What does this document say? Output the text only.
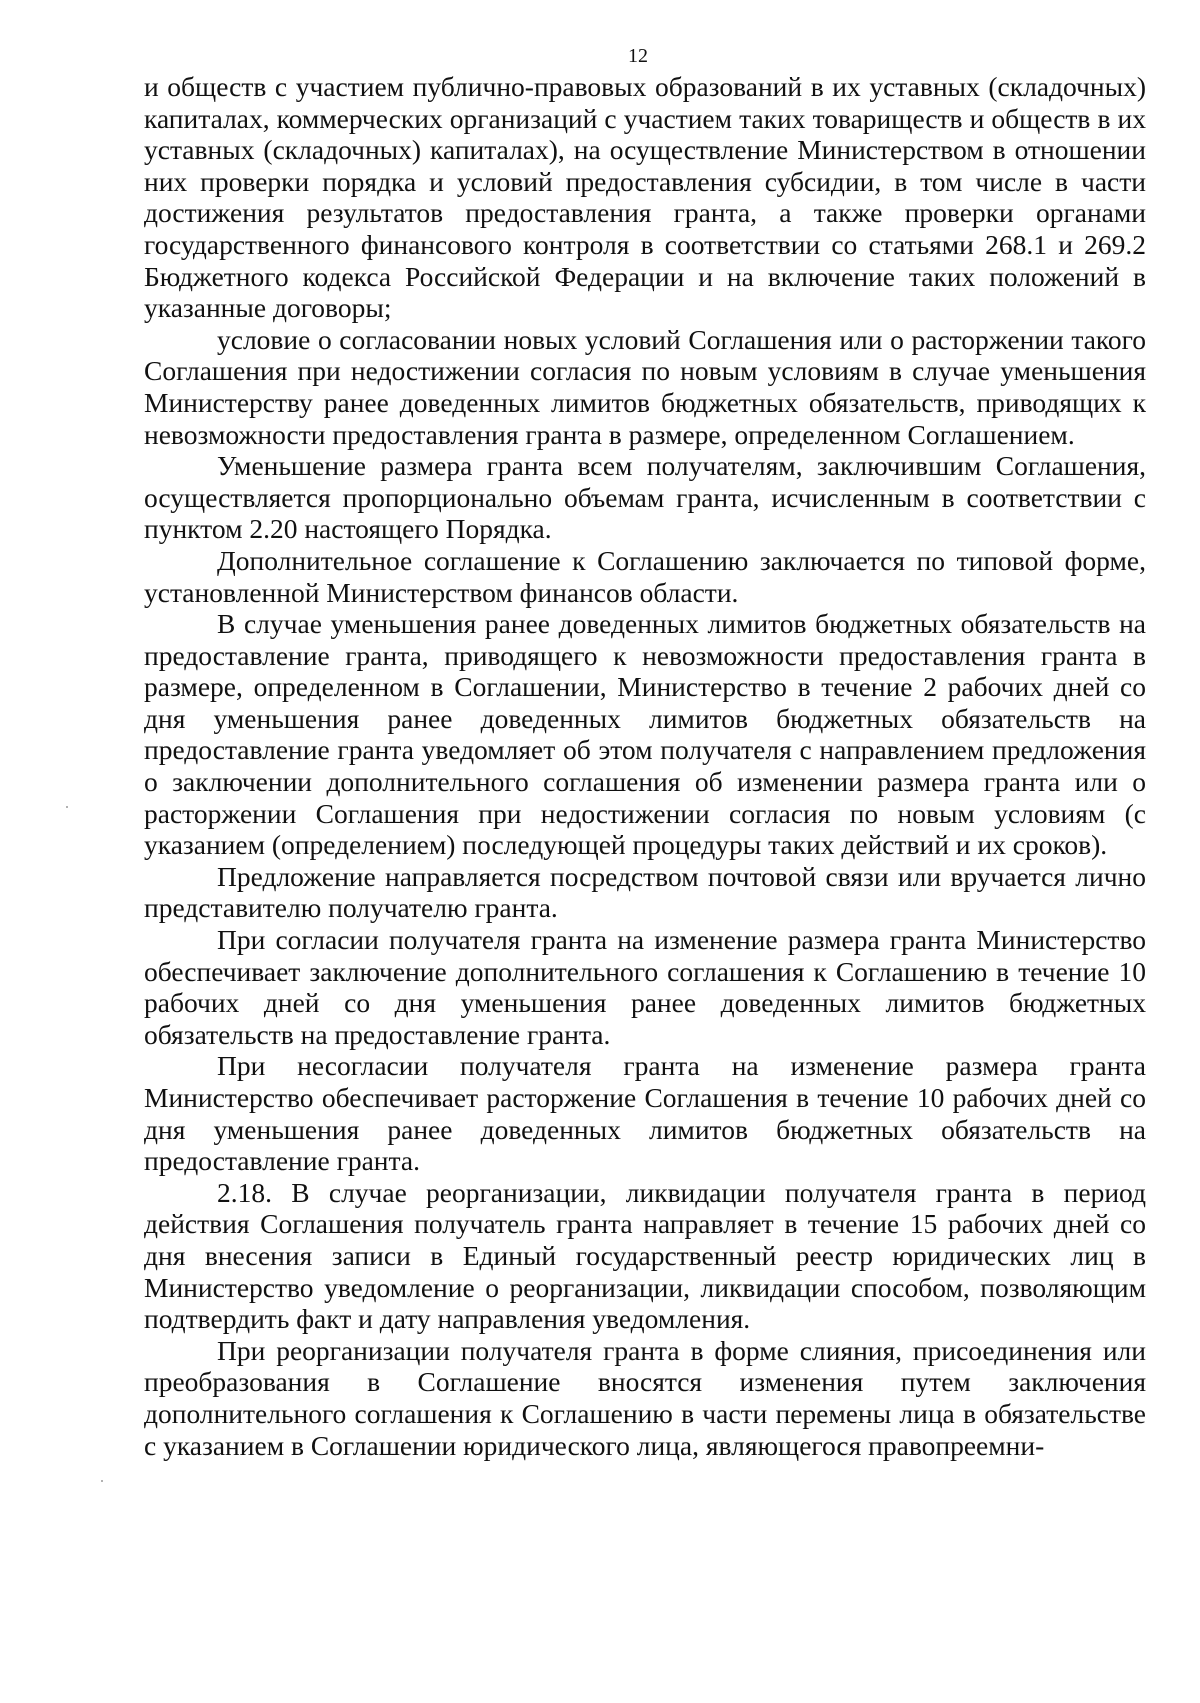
12

и обществ с участием публично-правовых образований в их уставных (складочных) капиталах, коммерческих организаций с участием таких товариществ и обществ в их уставных (складочных) капиталах), на осуществление Министерством в отношении них проверки порядка и условий предоставления субсидии, в том числе в части достижения результатов предоставления гранта, а также проверки органами государственного финансового контроля в соответствии со статьями 268.1 и 269.2 Бюджетного кодекса Российской Федерации и на включение таких положений в указанные договоры;

условие о согласовании новых условий Соглашения или о расторжении такого Соглашения при недостижении согласия по новым условиям в случае уменьшения Министерству ранее доведенных лимитов бюджетных обязательств, приводящих к невозможности предоставления гранта в размере, определенном Соглашением.

Уменьшение размера гранта всем получателям, заключившим Соглашения, осуществляется пропорционально объемам гранта, исчисленным в соответствии с пунктом 2.20 настоящего Порядка.

Дополнительное соглашение к Соглашению заключается по типовой форме, установленной Министерством финансов области.

В случае уменьшения ранее доведенных лимитов бюджетных обязательств на предоставление гранта, приводящего к невозможности предоставления гранта в размере, определенном в Соглашении, Министерство в течение 2 рабочих дней со дня уменьшения ранее доведенных лимитов бюджетных обязательств на предоставление гранта уведомляет об этом получателя с направлением предложения о заключении дополнительного соглашения об изменении размера гранта или о расторжении Соглашения при недостижении согласия по новым условиям (с указанием (определением) последующей процедуры таких действий и их сроков).

Предложение направляется посредством почтовой связи или вручается лично представителю получателю гранта.

При согласии получателя гранта на изменение размера гранта Министерство обеспечивает заключение дополнительного соглашения к Соглашению в течение 10 рабочих дней со дня уменьшения ранее доведенных лимитов бюджетных обязательств на предоставление гранта.

При несогласии получателя гранта на изменение размера гранта Министерство обеспечивает расторжение Соглашения в течение 10 рабочих дней со дня уменьшения ранее доведенных лимитов бюджетных обязательств на предоставление гранта.

2.18. В случае реорганизации, ликвидации получателя гранта в период действия Соглашения получатель гранта направляет в течение 15 рабочих дней со дня внесения записи в Единый государственный реестр юридических лиц в Министерство уведомление о реорганизации, ликвидации способом, позволяющим подтвердить факт и дату направления уведомления.

При реорганизации получателя гранта в форме слияния, присоединения или преобразования в Соглашение вносятся изменения путем заключения дополнительного соглашения к Соглашению в части перемены лица в обязательстве с указанием в Соглашении юридического лица, являющегося правопреемни-
